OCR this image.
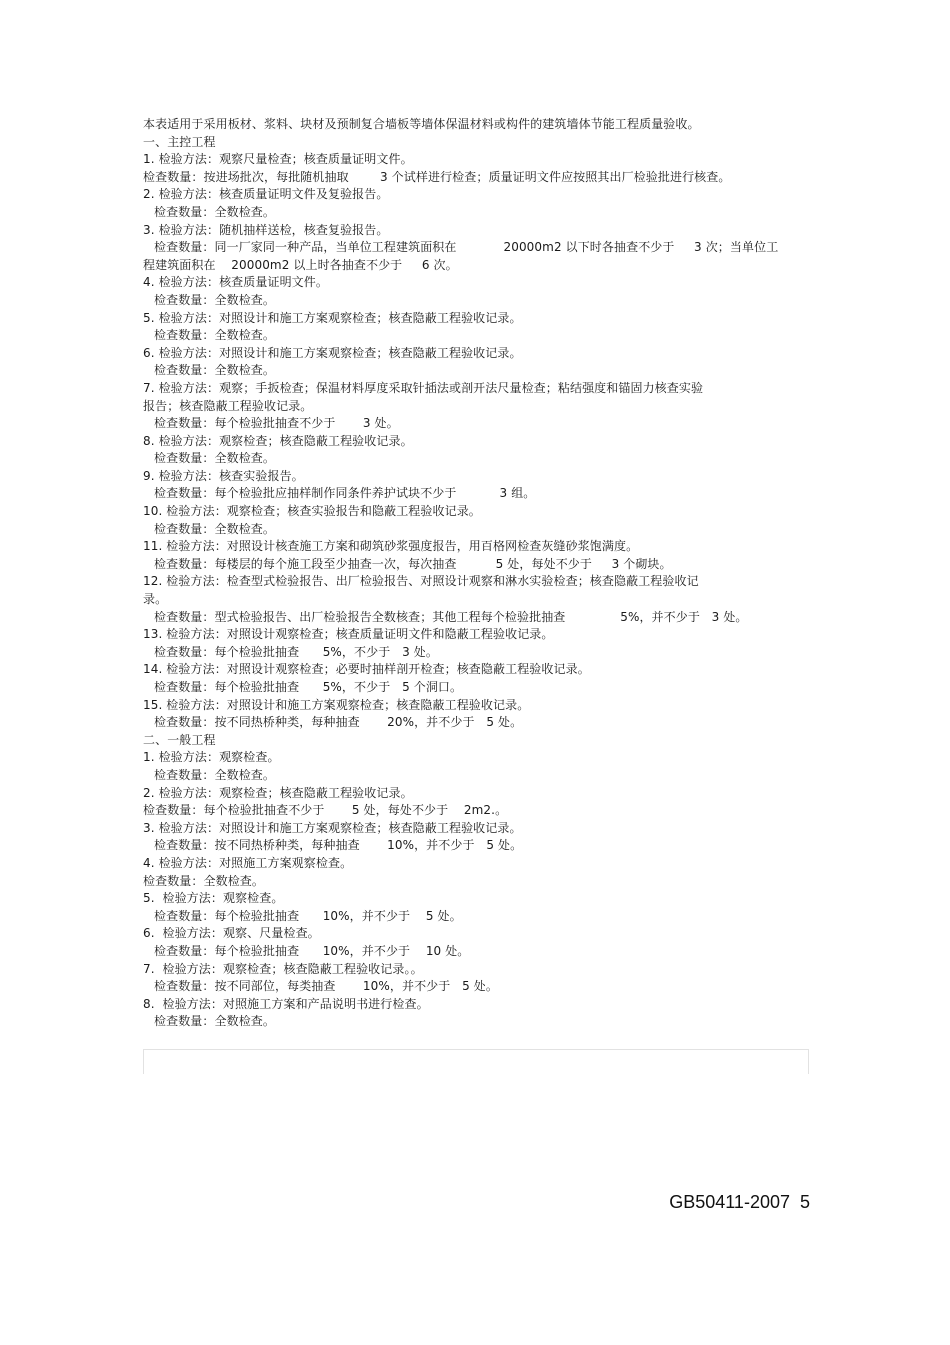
本表适用于采用板材、浆料、块材及预制复合墙板等墙体保温材料或构件的建筑墙体节能工程质量验收。
一、主控工程
1. 检验方法：观察尺量检查；核查质量证明文件。
检查数量：按进场批次，每批随机抽取        3 个试样进行检查；质量证明文件应按照其出厂检验批进行核查。
2. 检验方法：核查质量证明文件及复验报告。
检查数量：全数检查。
3. 检验方法：随机抽样送检，核查复验报告。
检查数量：同一厂家同一种产品，当单位工程建筑面积在            20000m2 以下时各抽查不少于     3 次；当单位工
程建筑面积在    20000m2 以上时各抽查不少于     6 次。
4. 检验方法：核查质量证明文件。
检查数量：全数检查。
5. 检验方法：对照设计和施工方案观察检查；核查隐蔽工程验收记录。
检查数量：全数检查。
6. 检验方法：对照设计和施工方案观察检查；核查隐蔽工程验收记录。
检查数量：全数检查。
7. 检验方法：观察；手扳检查；保温材料厚度采取针插法或剖开法尺量检查；粘结强度和锚固力核查实验
报告；核查隐蔽工程验收记录。
检查数量：每个检验批抽查不少于       3 处。
8. 检验方法：观察检查；核查隐蔽工程验收记录。
检查数量：全数检查。
9. 检验方法：核查实验报告。
检查数量：每个检验批应抽样制作同条件养护试块不少于           3 组。
10. 检验方法：观察检查；核查实验报告和隐蔽工程验收记录。
检查数量：全数检查。
11. 检验方法：对照设计核查施工方案和砌筑砂浆强度报告，用百格网检查灰缝砂浆饱满度。
检查数量：每楼层的每个施工段至少抽查一次，每次抽查          5 处，每处不少于     3 个砌块。
12. 检验方法：检查型式检验报告、出厂检验报告、对照设计观察和淋水实验检查；核查隐蔽工程验收记
录。
检查数量：型式检验报告、出厂检验报告全数核查；其他工程每个检验批抽查              5%，并不少于   3 处。
13. 检验方法：对照设计观察检查；核查质量证明文件和隐蔽工程验收记录。
检查数量：每个检验批抽查      5%，不少于   3 处。
14. 检验方法：对照设计观察检查；必要时抽样剖开检查；核查隐蔽工程验收记录。
检查数量：每个检验批抽查      5%，不少于   5 个洞口。
15. 检验方法：对照设计和施工方案观察检查；核查隐蔽工程验收记录。
检查数量：按不同热桥种类，每种抽查       20%，并不少于   5 处。
二、一般工程
1. 检验方法：观察检查。
检查数量：全数检查。
2. 检验方法：观察检查；核查隐蔽工程验收记录。
检查数量：每个检验批抽查不少于       5 处，每处不少于    2m2.。
3. 检验方法：对照设计和施工方案观察检查；核查隐蔽工程验收记录。
检查数量：按不同热桥种类，每种抽查       10%，并不少于   5 处。
4. 检验方法：对照施工方案观察检查。
检查数量：全数检查。
5.  检验方法：观察检查。
检查数量：每个检验批抽查      10%，并不少于    5 处。
6.  检验方法：观察、尺量检查。
检查数量：每个检验批抽查      10%，并不少于    10 处。
7.  检验方法：观察检查；核查隐蔽工程验收记录。。
检查数量：按不同部位，每类抽查       10%，并不少于   5 处。
8.  检验方法：对照施工方案和产品说明书进行检查。
检查数量：全数检查。
GB50411-2007  5
